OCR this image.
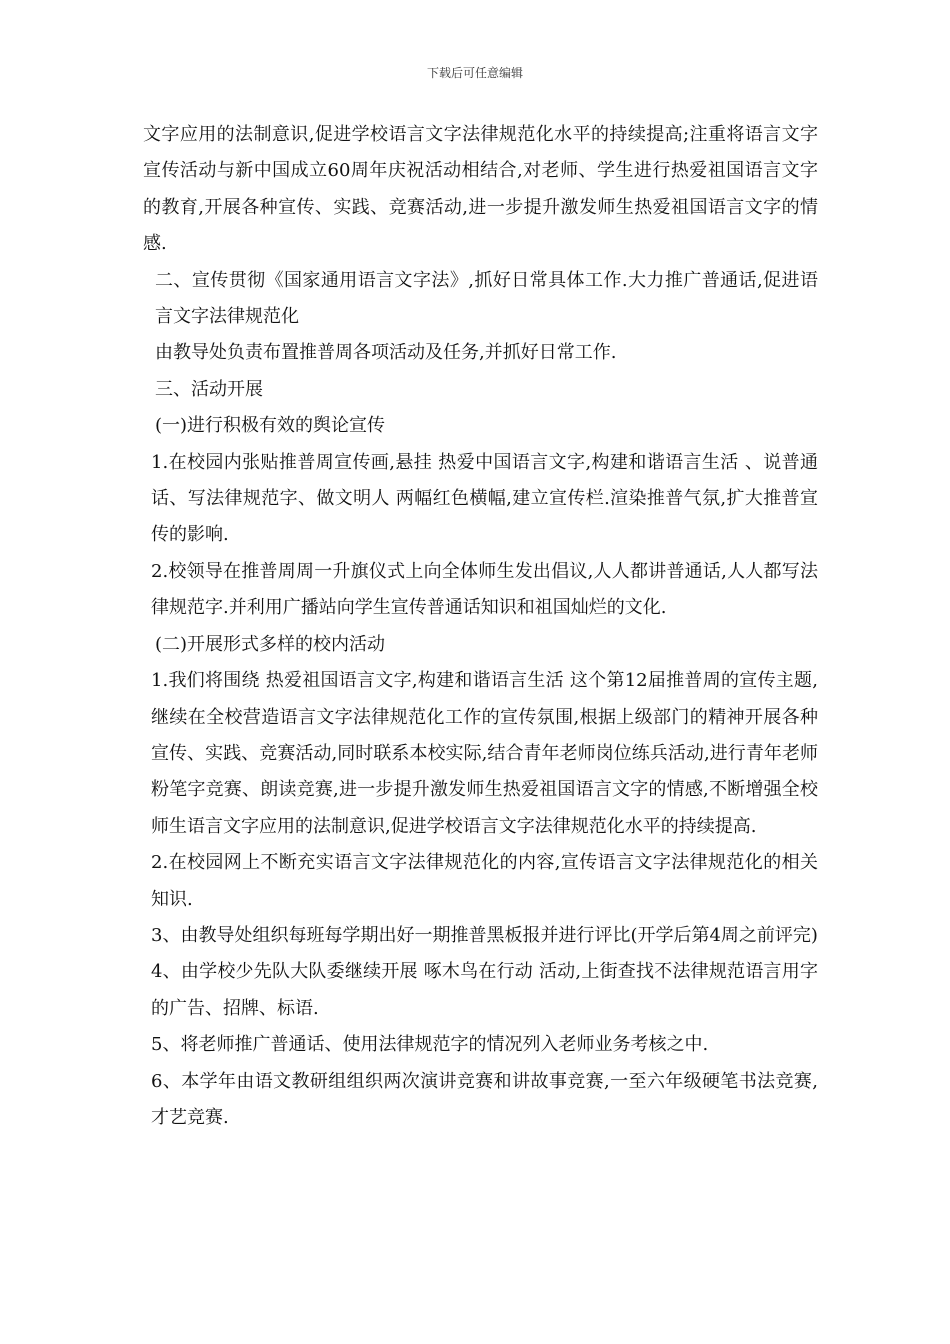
下载后可任意编辑

文字应用的法制意识,促进学校语言文字法律规范化水平的持续提高;注重将语言文字宣传活动与新中国成立60周年庆祝活动相结合,对老师、学生进行热爱祖国语言文字的教育,开展各种宣传、实践、竞赛活动,进一步提升激发师生热爱祖国语言文字的情感.

二、宣传贯彻《国家通用语言文字法》,抓好日常具体工作.大力推广普通话,促进语言文字法律规范化

由教导处负责布置推普周各项活动及任务,并抓好日常工作.

三、活动开展

(一)进行积极有效的舆论宣传

1.在校园内张贴推普周宣传画,悬挂 热爱中国语言文字,构建和谐语言生活 、说普通话、写法律规范字、做文明人 两幅红色横幅,建立宣传栏.渲染推普气氛,扩大推普宣传的影响.

2.校领导在推普周周一升旗仪式上向全体师生发出倡议,人人都讲普通话,人人都写法律规范字.并利用广播站向学生宣传普通话知识和祖国灿烂的文化.

(二)开展形式多样的校内活动

1.我们将围绕 热爱祖国语言文字,构建和谐语言生活 这个第12届推普周的宣传主题,继续在全校营造语言文字法律规范化工作的宣传氛围,根据上级部门的精神开展各种宣传、实践、竞赛活动,同时联系本校实际,结合青年老师岗位练兵活动,进行青年老师粉笔字竞赛、朗读竞赛,进一步提升激发师生热爱祖国语言文字的情感,不断增强全校师生语言文字应用的法制意识,促进学校语言文字法律规范化水平的持续提高.

2.在校园网上不断充实语言文字法律规范化的内容,宣传语言文字法律规范化的相关知识.

3、由教导处组织每班每学期出好一期推普黑板报并进行评比(开学后第4周之前评完)

4、由学校少先队大队委继续开展 啄木鸟在行动 活动,上街查找不法律规范语言用字的广告、招牌、标语.

5、将老师推广普通话、使用法律规范字的情况列入老师业务考核之中.

6、本学年由语文教研组组织两次演讲竞赛和讲故事竞赛,一至六年级硬笔书法竞赛,才艺竞赛.
